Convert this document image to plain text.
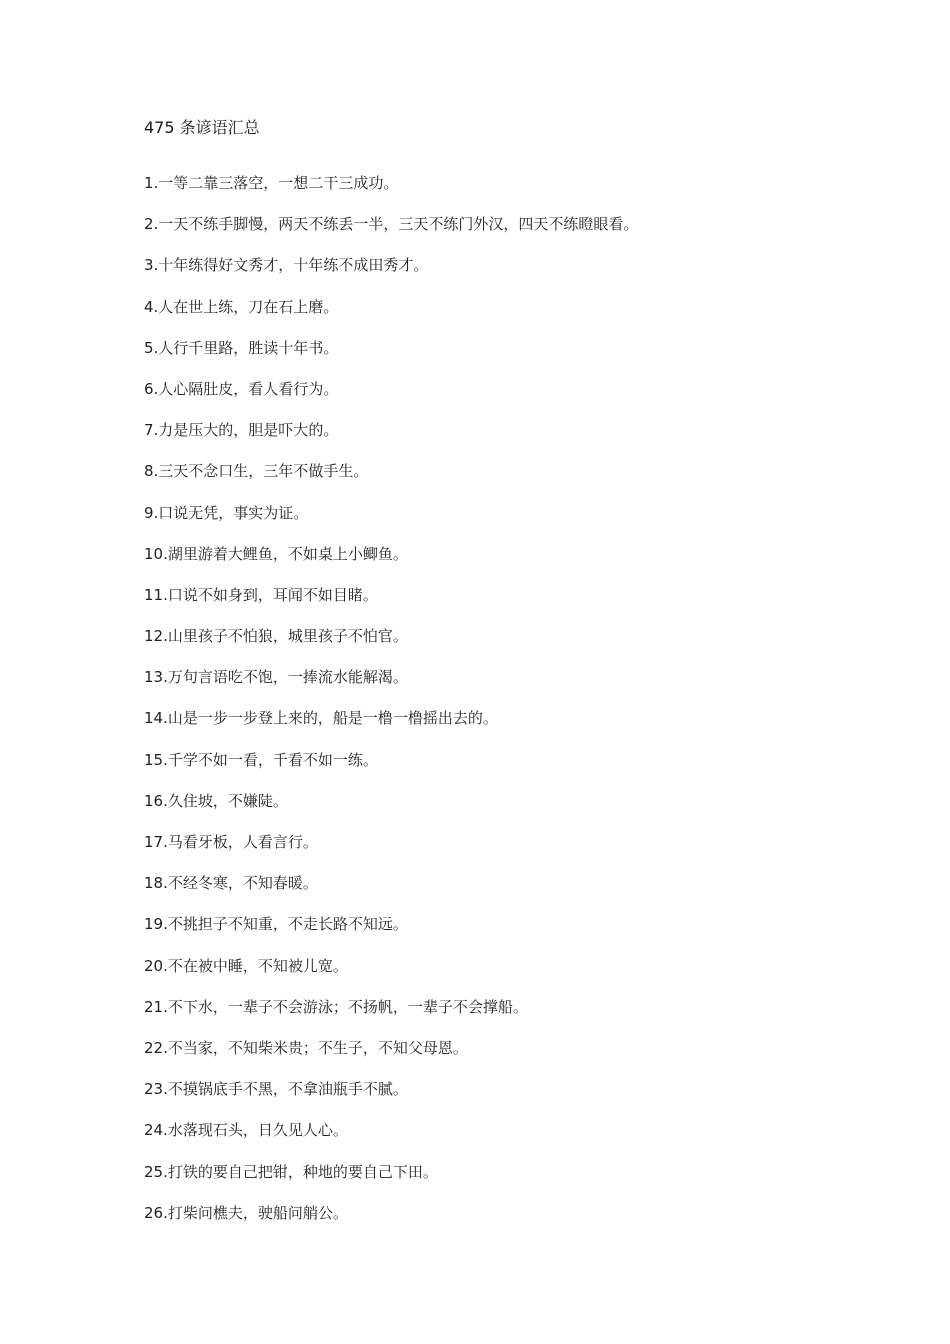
475 条谚语汇总
1.一等二靠三落空，一想二干三成功。
2.一天不练手脚慢，两天不练丢一半，三天不练门外汉，四天不练瞪眼看。
3.十年练得好文秀才，十年练不成田秀才。
4.人在世上练，刀在石上磨。
5.人行千里路，胜读十年书。
6.人心隔肚皮，看人看行为。
7.力是压大的，胆是吓大的。
8.三天不念口生，三年不做手生。
9.口说无凭，事实为证。
10.湖里游着大鲤鱼，不如桌上小鲫鱼。
11.口说不如身到，耳闻不如目睹。
12.山里孩子不怕狼，城里孩子不怕官。
13.万句言语吃不饱，一捧流水能解渴。
14.山是一步一步登上来的，船是一橹一橹摇出去的。
15.千学不如一看，千看不如一练。
16.久住坡，不嫌陡。
17.马看牙板，人看言行。
18.不经冬寒，不知春暖。
19.不挑担子不知重，不走长路不知远。
20.不在被中睡，不知被儿宽。
21.不下水，一辈子不会游泳；不扬帆，一辈子不会撑船。
22.不当家，不知柴米贵；不生子，不知父母恩。
23.不摸锅底手不黑，不拿油瓶手不腻。
24.水落现石头，日久见人心。
25.打铁的要自己把钳，种地的要自己下田。
26.打柴问樵夫，驶船问艄公。
